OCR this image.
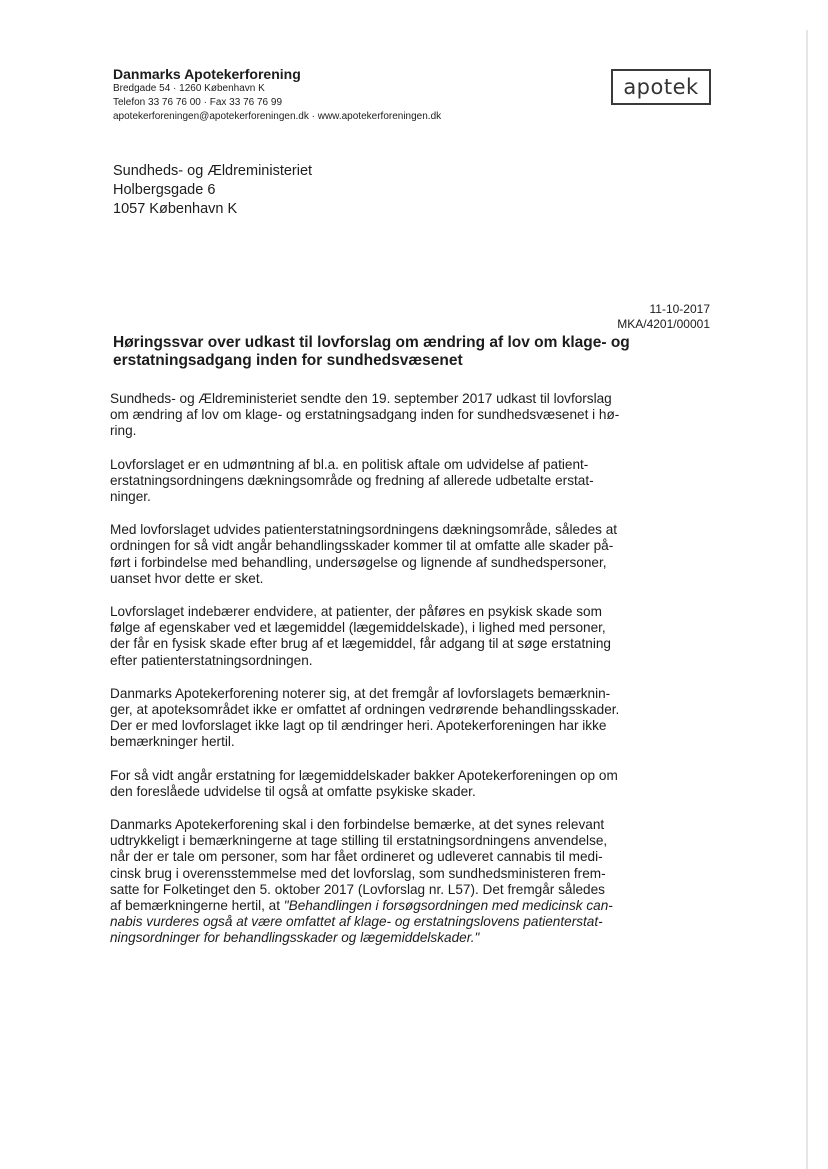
Danmarks Apotekerforening
Bredgade 54 · 1260 København K
Telefon 33 76 76 00 · Fax 33 76 76 99
apotekerforeningen@apotekerforeningen.dk · www.apotekerforeningen.dk
apotek
Sundheds- og Ældreministeriet
Holbergsgade 6
1057 København K
11-10-2017
MKA/4201/00001
Høringssvar over udkast til lovforslag om ændring af lov om klage- og
erstatningsadgang inden for sundhedsvæsenet
Sundheds- og Ældreministeriet sendte den 19. september 2017 udkast til lovforslag
om ændring af lov om klage- og erstatningsadgang inden for sundhedsvæsenet i hø-
ring.
Lovforslaget er en udmøntning af bl.a. en politisk aftale om udvidelse af patient-
erstatningsordningens dækningsområde og fredning af allerede udbetalte erstat-
ninger.
Med lovforslaget udvides patienterstatningsordningens dækningsområde, således at
ordningen for så vidt angår behandlingsskader kommer til at omfatte alle skader på-
ført i forbindelse med behandling, undersøgelse og lignende af sundhedspersoner,
uanset hvor dette er sket.
Lovforslaget indebærer endvidere, at patienter, der påføres en psykisk skade som
følge af egenskaber ved et lægemiddel (lægemiddelskade), i lighed med personer,
der får en fysisk skade efter brug af et lægemiddel, får adgang til at søge erstatning
efter patienterstatningsordningen.
Danmarks Apotekerforening noterer sig, at det fremgår af lovforslagets bemærknin-
ger, at apoteksområdet ikke er omfattet af ordningen vedrørende behandlingsskader.
Der er med lovforslaget ikke lagt op til ændringer heri. Apotekerforeningen har ikke
bemærkninger hertil.
For så vidt angår erstatning for lægemiddelskader bakker Apotekerforeningen op om
den foreslåede udvidelse til også at omfatte psykiske skader.
Danmarks Apotekerforening skal i den forbindelse bemærke, at det synes relevant
udtrykkeligt i bemærkningerne at tage stilling til erstatningsordningens anvendelse,
når der er tale om personer, som har fået ordineret og udleveret cannabis til medi-
cinsk brug i overensstemmelse med det lovforslag, som sundhedsministeren frem-
satte for Folketinget den 5. oktober 2017 (Lovforslag nr. L57). Det fremgår således
af bemærkningerne hertil, at "Behandlingen i forsøgsordningen med medicinsk can-
nabis vurderes også at være omfattet af klage- og erstatningslovens patienterstat-
ningsordninger for behandlingsskader og lægemiddelskader."
